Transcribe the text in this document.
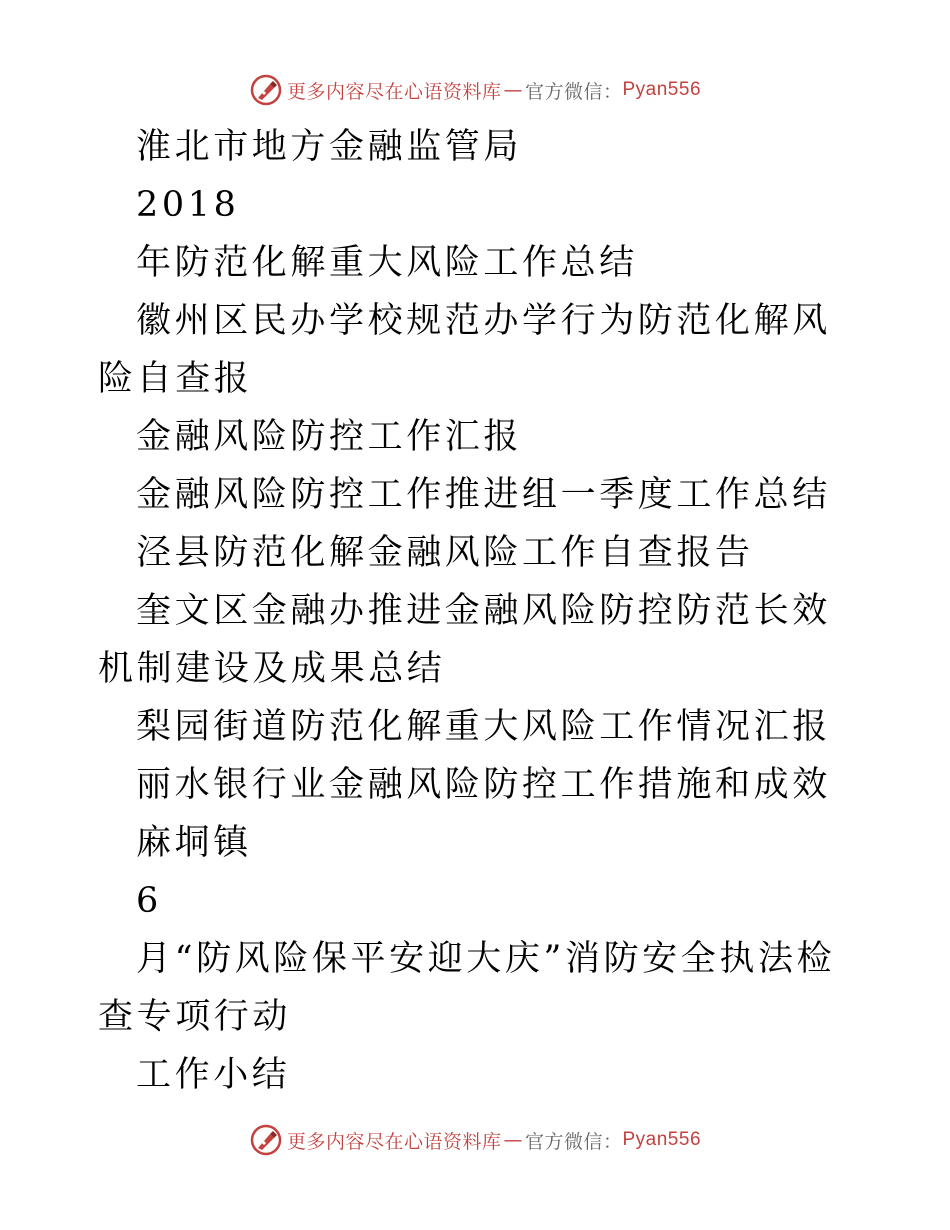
更多内容尽在心语资料库 — 官方微信： Pyan556

淮北市地方金融监管局

2018

年防范化解重大风险工作总结

徽州区民办学校规范办学行为防范化解风险自查报

金融风险防控工作汇报

金融风险防控工作推进组一季度工作总结

泾县防范化解金融风险工作自查报告

奎文区金融办推进金融风险防控防范长效机制建设及成果总结

梨园街道防范化解重大风险工作情况汇报

丽水银行业金融风险防控工作措施和成效

麻垌镇

6

月“防风险保平安迎大庆”消防安全执法检查专项行动

工作小结

更多内容尽在心语资料库 — 官方微信： Pyan556
